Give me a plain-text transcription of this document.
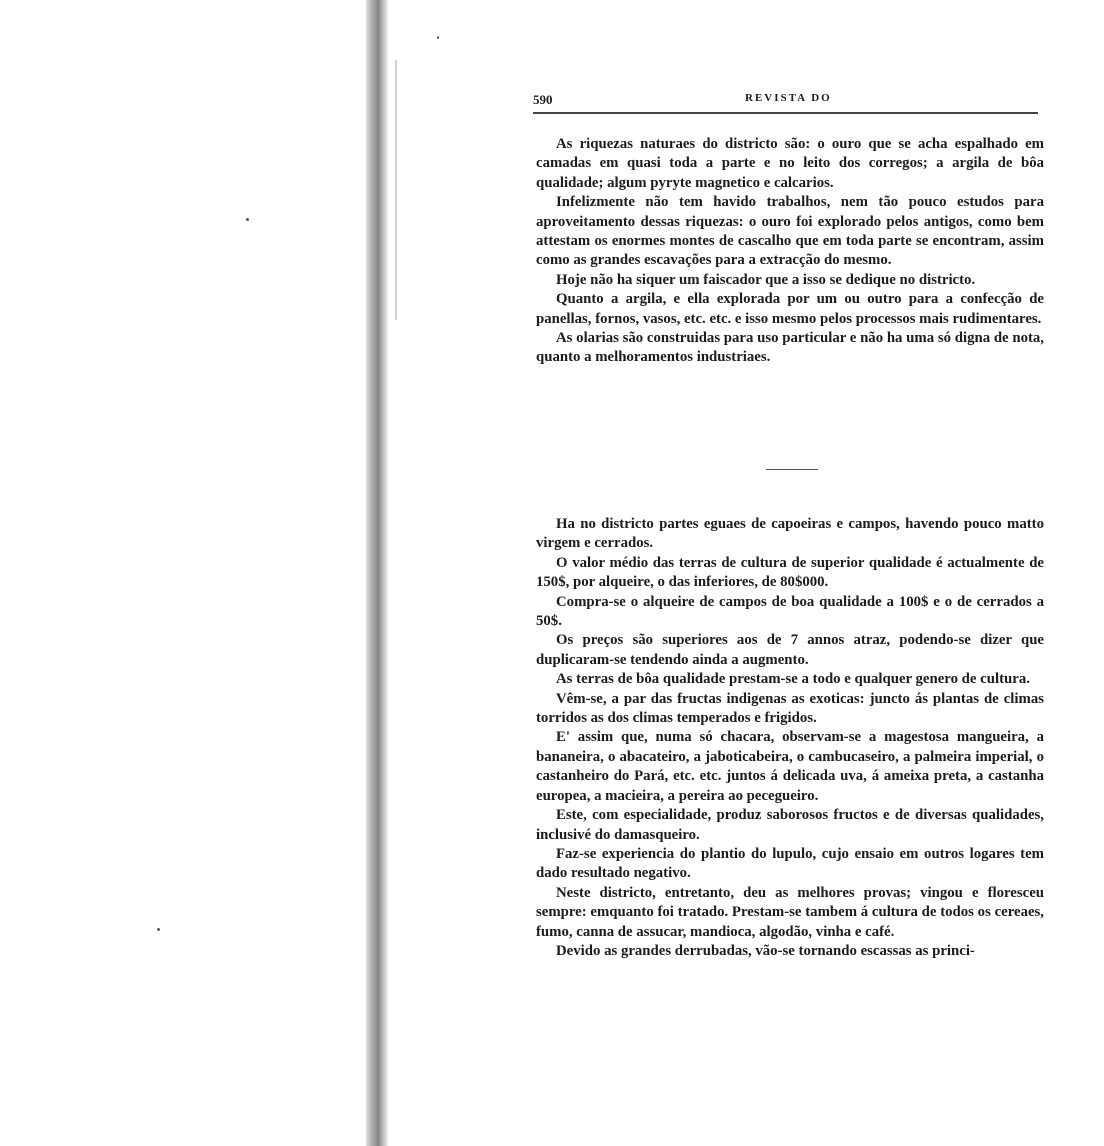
590	REVISTA DO

As riquezas naturaes do districto são: o ouro que se acha espalhado em camadas em quasi toda a parte e no leito dos corregos; a argila de bôa qualidade; algum pyryte magnetico e calcarios.

Infelizmente não tem havido trabalhos, nem tão pouco estudos para aproveitamento dessas riquezas: o ouro foi explorado pelos antigos, como bem attestam os enormes montes de cascalho que em toda parte se encontram, assim como as grandes escavações para a extracção do mesmo.

Hoje não ha siquer um faiscador que a isso se dedique no districto.

Quanto a argila, e ella explorada por um ou outro para a confecção de panellas, fornos, vasos, etc. etc. e isso mesmo pelos processos mais rudimentares.

As olarias são construidas para uso particular e não ha uma só digna de nota, quanto a melhoramentos industriaes.

Ha no districto partes eguaes de capoeiras e campos, havendo pouco matto virgem e cerrados.

O valor médio das terras de cultura de superior qualidade é actualmente de 150$, por alqueire, o das inferiores, de 80$000.

Compra-se o alqueire de campos de boa qualidade a 100$ e o de cerrados a 50$.

Os preços são superiores aos de 7 annos atraz, podendo-se dizer que duplicaram-se tendendo ainda a augmento.

As terras de bôa qualidade prestam-se a todo e qualquer genero de cultura.

Vêm-se, a par das fructas indigenas as exoticas: juncto ás plantas de climas torridos as dos climas temperados e frigidos.

E' assim que, numa só chacara, observam-se a magestosa mangueira, a bananeira, o abacateiro, a jaboticabeira, o cambucaseiro, a palmeira imperial, o castanheiro do Pará, etc. etc. juntos á delicada uva, á ameixa preta, a castanha europea, a macieira, a pereira ao pecegueiro.

Este, com especialidade, produz saborosos fructos e de diversas qualidades, inclusivé do damasqueiro.

Faz-se experiencia do plantio do lupulo, cujo ensaio em outros logares tem dado resultado negativo.

Neste districto, entretanto, deu as melhores provas; vingou e floresceu sempre: emquanto foi tratado. Prestam-se tambem á cultura de todos os cereaes, fumo, canna de assucar, mandioca, algodão, vinha e café.

Devido as grandes derrubadas, vão-se tornando escassas as princi-
